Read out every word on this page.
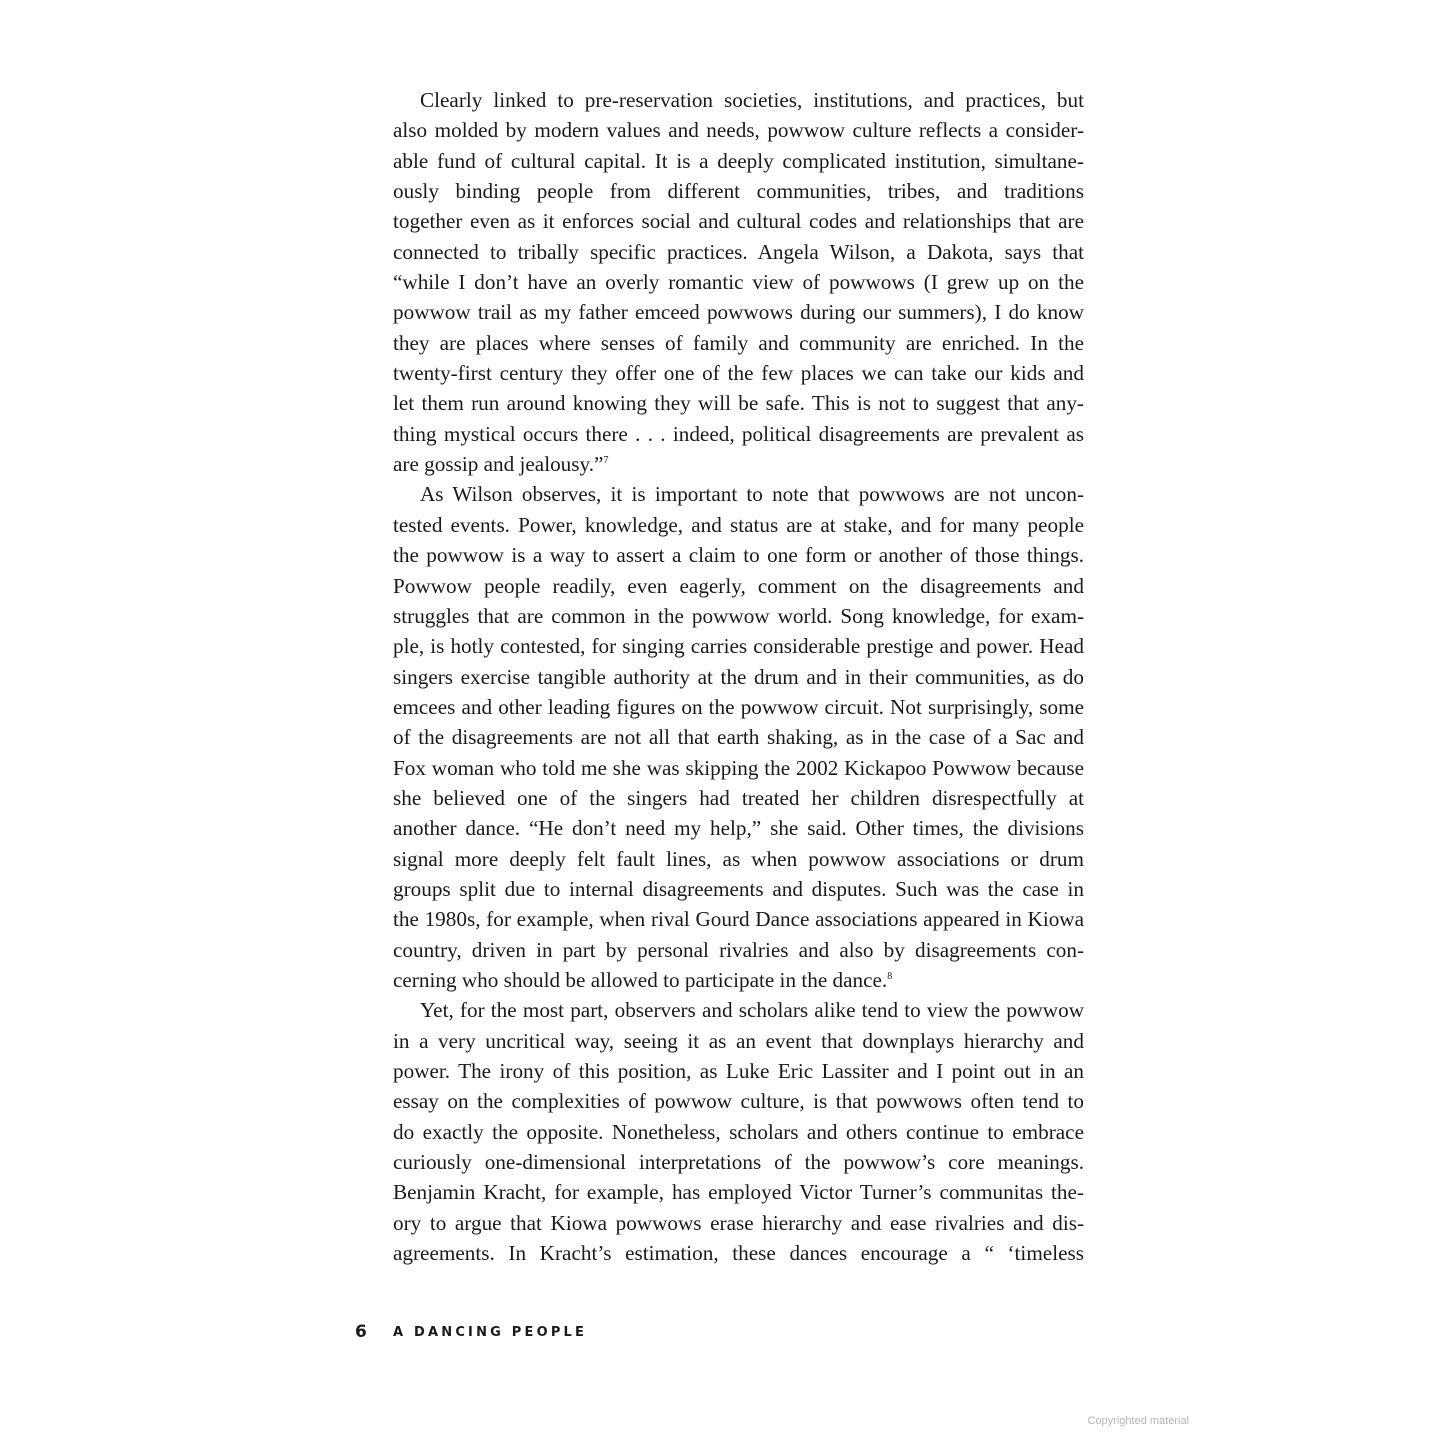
Clearly linked to pre-reservation societies, institutions, and practices, but
also molded by modern values and needs, powwow culture reflects a consider-
able fund of cultural capital. It is a deeply complicated institution, simultane-
ously binding people from different communities, tribes, and traditions
together even as it enforces social and cultural codes and relationships that are
connected to tribally specific practices. Angela Wilson, a Dakota, says that
“while I don’t have an overly romantic view of powwows (I grew up on the
powwow trail as my father emceed powwows during our summers), I do know
they are places where senses of family and community are enriched. In the
twenty-first century they offer one of the few places we can take our kids and
let them run around knowing they will be safe. This is not to suggest that any-
thing mystical occurs there . . . indeed, political disagreements are prevalent as
are gossip and jealousy.”$^7$
As Wilson observes, it is important to note that powwows are not uncon-
tested events. Power, knowledge, and status are at stake, and for many people
the powwow is a way to assert a claim to one form or another of those things.
Powwow people readily, even eagerly, comment on the disagreements and
struggles that are common in the powwow world. Song knowledge, for exam-
ple, is hotly contested, for singing carries considerable prestige and power. Head
singers exercise tangible authority at the drum and in their communities, as do
emcees and other leading figures on the powwow circuit. Not surprisingly, some
of the disagreements are not all that earth shaking, as in the case of a Sac and
Fox woman who told me she was skipping the 2002 Kickapoo Powwow because
she believed one of the singers had treated her children disrespectfully at
another dance. “He don’t need my help,” she said. Other times, the divisions
signal more deeply felt fault lines, as when powwow associations or drum
groups split due to internal disagreements and disputes. Such was the case in
the 1980s, for example, when rival Gourd Dance associations appeared in Kiowa
country, driven in part by personal rivalries and also by disagreements con-
cerning who should be allowed to participate in the dance.$^8$
Yet, for the most part, observers and scholars alike tend to view the powwow
in a very uncritical way, seeing it as an event that downplays hierarchy and
power. The irony of this position, as Luke Eric Lassiter and I point out in an
essay on the complexities of powwow culture, is that powwows often tend to
do exactly the opposite. Nonetheless, scholars and others continue to embrace
curiously one-dimensional interpretations of the powwow’s core meanings.
Benjamin Kracht, for example, has employed Victor Turner’s communitas the-
ory to argue that Kiowa powwows erase hierarchy and ease rivalries and dis-
agreements. In Kracht’s estimation, these dances encourage a “ ‘timeless
6	A DANCING PEOPLE
Copyrighted material
